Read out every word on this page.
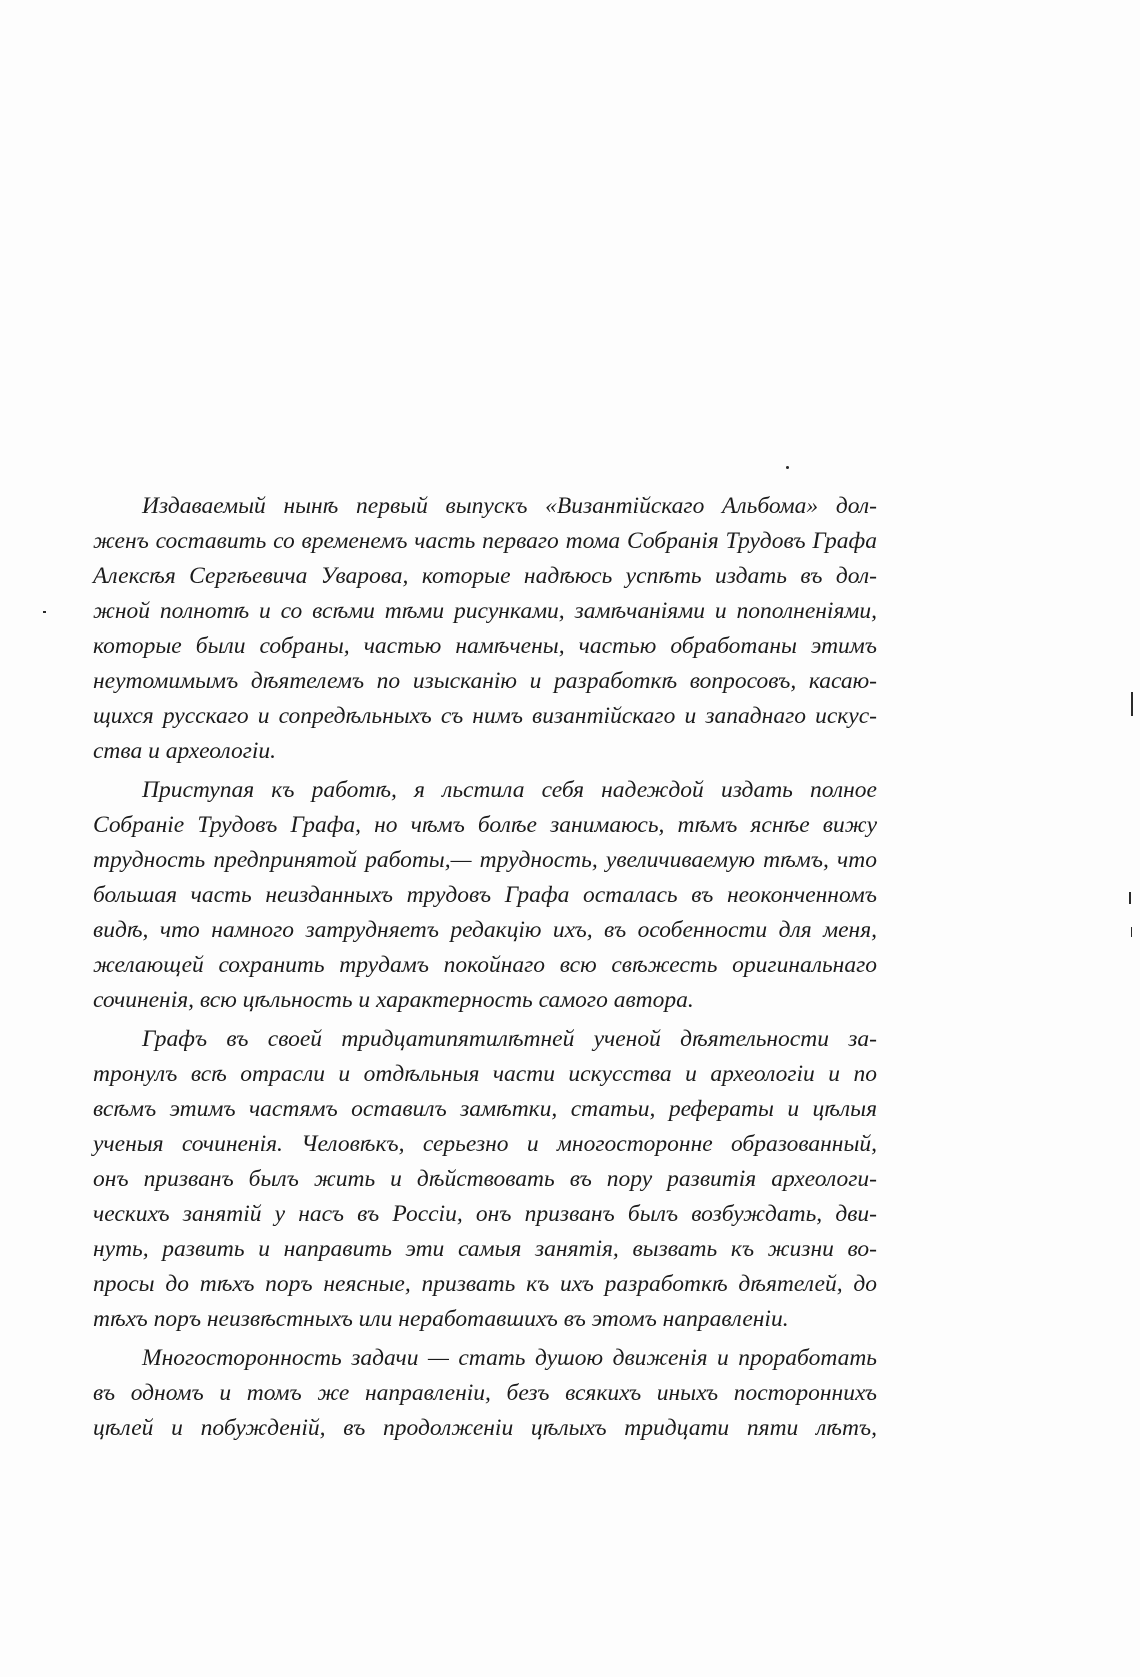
Издаваемый нынѣ первый выпускъ «Византійскаго Альбома» дол-
женъ составить со временемъ часть перваго тома Собранія Трудовъ Графа
Алексѣя Сергѣевича Уварова, которые надѣюсь успѣть издать въ дол-
жной полнотѣ и со всѣми тѣми рисунками, замѣчаніями и пополненіями,
которые были собраны, частью намѣчены, частью обработаны этимъ
неутомимымъ дѣятелемъ по изысканію и разработкѣ вопросовъ, касаю-
щихся русскаго и сопредѣльныхъ съ нимъ византійскаго и западнаго искус-
ства и археологіи.
Приступая къ работѣ, я льстила себя надеждой издать полное
Собраніе Трудовъ Графа, но чѣмъ болѣе занимаюсь, тѣмъ яснѣе вижу
трудность предпринятой работы,— трудность, увеличиваемую тѣмъ, что
большая часть неизданныхъ трудовъ Графа осталась въ неоконченномъ
видѣ, что намного затрудняетъ редакцію ихъ, въ особенности для меня,
желающей сохранить трудамъ покойнаго всю свѣжесть оригинальнаго
сочиненія, всю цѣльность и характерность самого автора.
Графъ въ своей тридцатипятилѣтней ученой дѣятельности за-
тронулъ всѣ отрасли и отдѣльныя части искусства и археологіи и по
всѣмъ этимъ частямъ оставилъ замѣтки, статьи, рефераты и цѣлыя
ученыя сочиненія. Человѣкъ, серьезно и многосторонне образованный,
онъ призванъ былъ жить и дѣйствовать въ пору развитія археологи-
ческихъ занятій у насъ въ Россіи, онъ призванъ былъ возбуждать, дви-
нуть, развить и направить эти самыя занятія, вызвать къ жизни во-
просы до тѣхъ поръ неясные, призвать къ ихъ разработкѣ дѣятелей, до
тѣхъ поръ неизвѣстныхъ или неработавшихъ въ этомъ направленіи.
Многосторонность задачи — стать душою движенія и проработать
въ одномъ и томъ же направленіи, безъ всякихъ иныхъ постороннихъ
цѣлей и побужденій, въ продолженіи цѣлыхъ тридцати пяти лѣтъ,
